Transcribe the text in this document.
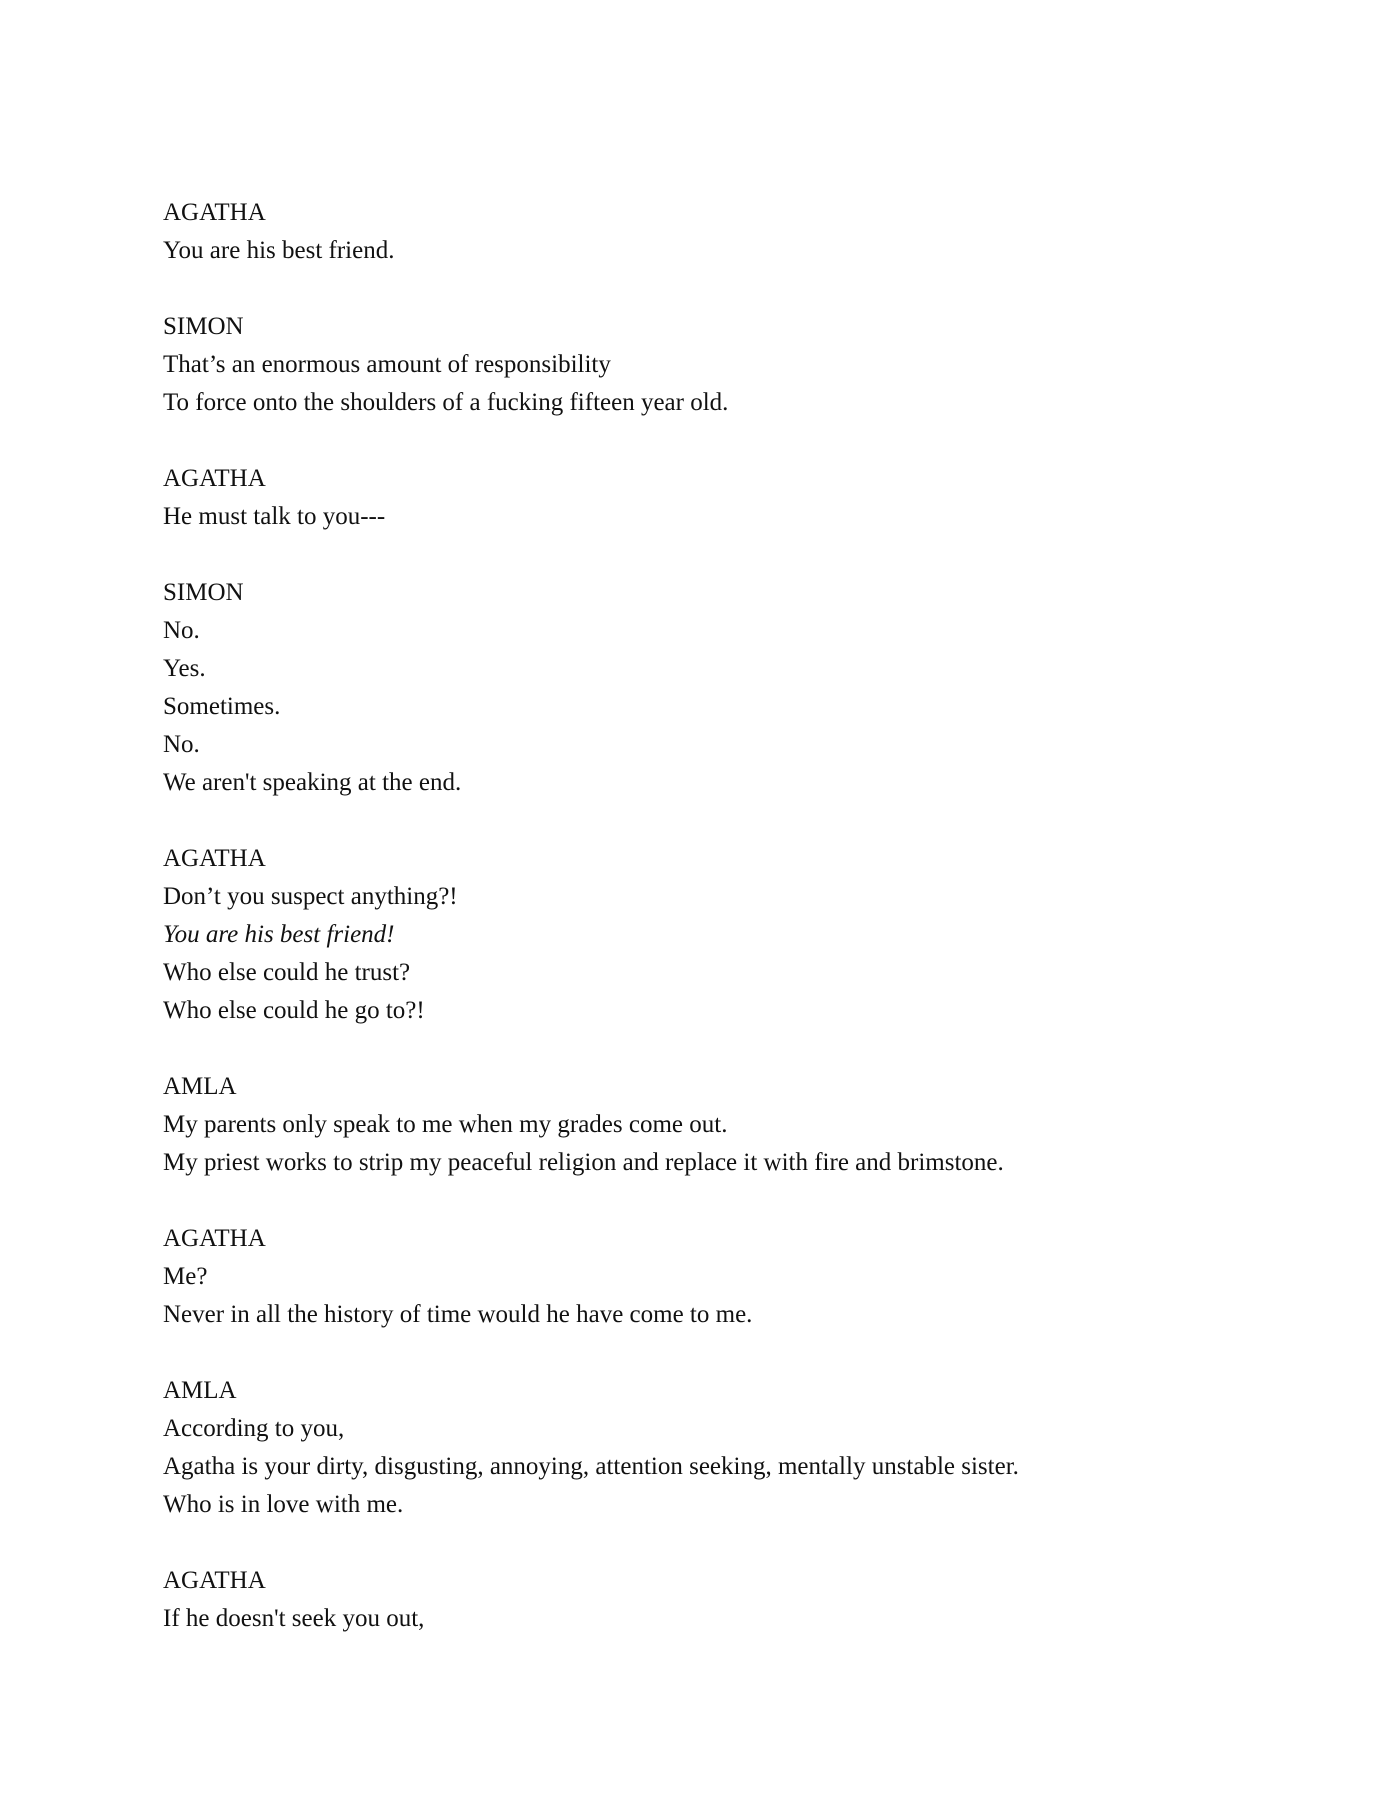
AGATHA
You are his best friend.
SIMON
That’s an enormous amount of responsibility
To force onto the shoulders of a fucking fifteen year old.
AGATHA
He must talk to you---
SIMON
No.
Yes.
Sometimes.
No.
We aren't speaking at the end.
AGATHA
Don’t you suspect anything?!
You are his best friend!
Who else could he trust?
Who else could he go to?!
AMLA
My parents only speak to me when my grades come out.
My priest works to strip my peaceful religion and replace it with fire and brimstone.
AGATHA
Me?
Never in all the history of time would he have come to me.
AMLA
According to you,
Agatha is your dirty, disgusting, annoying, attention seeking, mentally unstable sister.
Who is in love with me.
AGATHA
If he doesn't seek you out,
